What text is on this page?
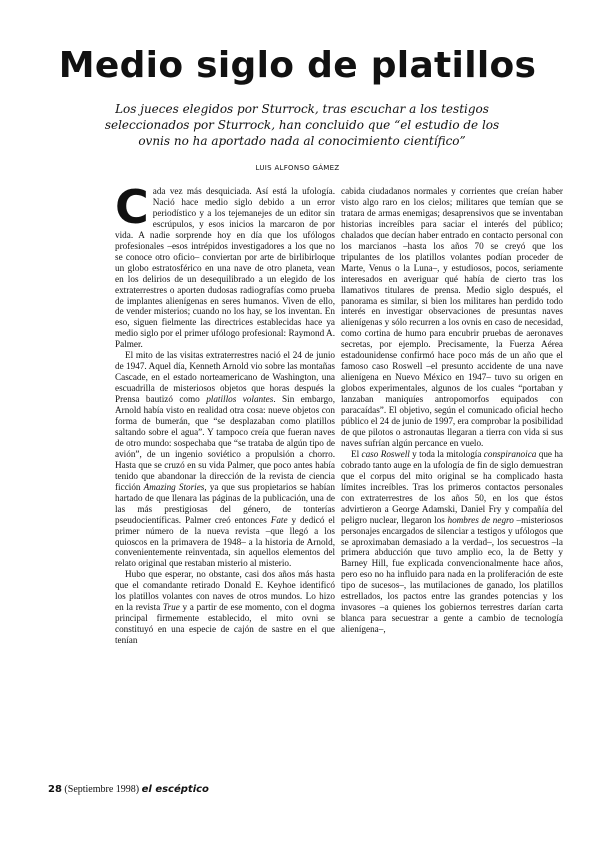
Medio siglo de platillos

Los jueces elegidos por Sturrock, tras escuchar a los testigos seleccionados por Sturrock, han concluido que “el estudio de los ovnis no ha aportado nada al conocimiento científico”

LUIS ALFONSO GÁMEZ

Cada vez más desquiciada. Así está la ufología. Nació hace medio siglo debido a un error periodístico y a los tejemanejes de un editor sin escrúpulos, y esos inicios la marcaron de por vida. A nadie sorprende hoy en día que los ufólogos profesionales –esos intrépidos investigadores a los que no se conoce otro oficio– conviertan por arte de birlibirloque un globo estratosférico en una nave de otro planeta, vean en los delirios de un desequilibrado a un elegido de los extraterrestres o aporten dudosas radiografías como prueba de implantes alienígenas en seres humanos. Viven de ello, de vender misterios; cuando no los hay, se los inventan. En eso, siguen fielmente las directrices establecidas hace ya medio siglo por el primer ufólogo profesional: Raymond A. Palmer.

El mito de las visitas extraterrestres nació el 24 de junio de 1947. Aquel día, Kenneth Arnold vio sobre las montañas Cascade, en el estado norteamericano de Washington, una escuadrilla de misteriosos objetos que horas después la Prensa bautizó como platillos volantes. Sin embargo, Arnold había visto en realidad otra cosa: nueve objetos con forma de bumerán, que “se desplazaban como platillos saltando sobre el agua”. Y tampoco creía que fueran naves de otro mundo: sospechaba que “se trataba de algún tipo de avión”, de un ingenio soviético a propulsión a chorro. Hasta que se cruzó en su vida Palmer, que poco antes había tenido que abandonar la dirección de la revista de ciencia ficción Amazing Stories, ya que sus propietarios se habían hartado de que llenara las páginas de la publicación, una de las más prestigiosas del género, de tonterías pseudocientíficas. Palmer creó entonces Fate y dedicó el primer número de la nueva revista –que llegó a los quioscos en la primavera de 1948– a la historia de Arnold, convenientemente reinventada, sin aquellos elementos del relato original que restaban misterio al misterio.

Hubo que esperar, no obstante, casi dos años más hasta que el comandante retirado Donald E. Keyhoe identificó los platillos volantes con naves de otros mundos. Lo hizo en la revista True y a partir de ese momento, con el dogma principal firmemente establecido, el mito ovni se constituyó en una especie de cajón de sastre en el que tenían

cabida ciudadanos normales y corrientes que creían haber visto algo raro en los cielos; militares que temían que se tratara de armas enemigas; desaprensivos que se inventaban historias increíbles para saciar el interés del público; chalados que decían haber entrado en contacto personal con los marcianos –hasta los años 70 se creyó que los tripulantes de los platillos volantes podían proceder de Marte, Venus o la Luna–, y estudiosos, pocos, seriamente interesados en averiguar qué había de cierto tras los llamativos titulares de prensa. Medio siglo después, el panorama es similar, si bien los militares han perdido todo interés en investigar observaciones de presuntas naves alienígenas y sólo recurren a los ovnis en caso de necesidad, como cortina de humo para encubrir pruebas de aeronaves secretas, por ejemplo. Precisamente, la Fuerza Aérea estadounidense confirmó hace poco más de un año que el famoso caso Roswell –el presunto accidente de una nave alienígena en Nuevo México en 1947– tuvo su origen en globos experimentales, algunos de los cuales “portaban y lanzaban maniquíes antropomorfos equipados con paracaídas”. El objetivo, según el comunicado oficial hecho público el 24 de junio de 1997, era comprobar la posibilidad de que pilotos o astronautas llegaran a tierra con vida si sus naves sufrían algún percance en vuelo.

El caso Roswell y toda la mitología conspiranoica que ha cobrado tanto auge en la ufología de fin de siglo demuestran que el corpus del mito original se ha complicado hasta límites increíbles. Tras los primeros contactos personales con extraterrestres de los años 50, en los que éstos advirtieron a George Adamski, Daniel Fry y compañía del peligro nuclear, llegaron los hombres de negro –misteriosos personajes encargados de silenciar a testigos y ufólogos que se aproximaban demasiado a la verdad–, los secuestros –la primera abducción que tuvo amplio eco, la de Betty y Barney Hill, fue explicada convencionalmente hace años, pero eso no ha influido para nada en la proliferación de este tipo de sucesos–, las mutilaciones de ganado, los platillos estrellados, los pactos entre las grandes potencias y los invasores –a quienes los gobiernos terrestres darían carta blanca para secuestrar a gente a cambio de tecnología alienígena–,

28 (Septiembre 1998) el escéptico
